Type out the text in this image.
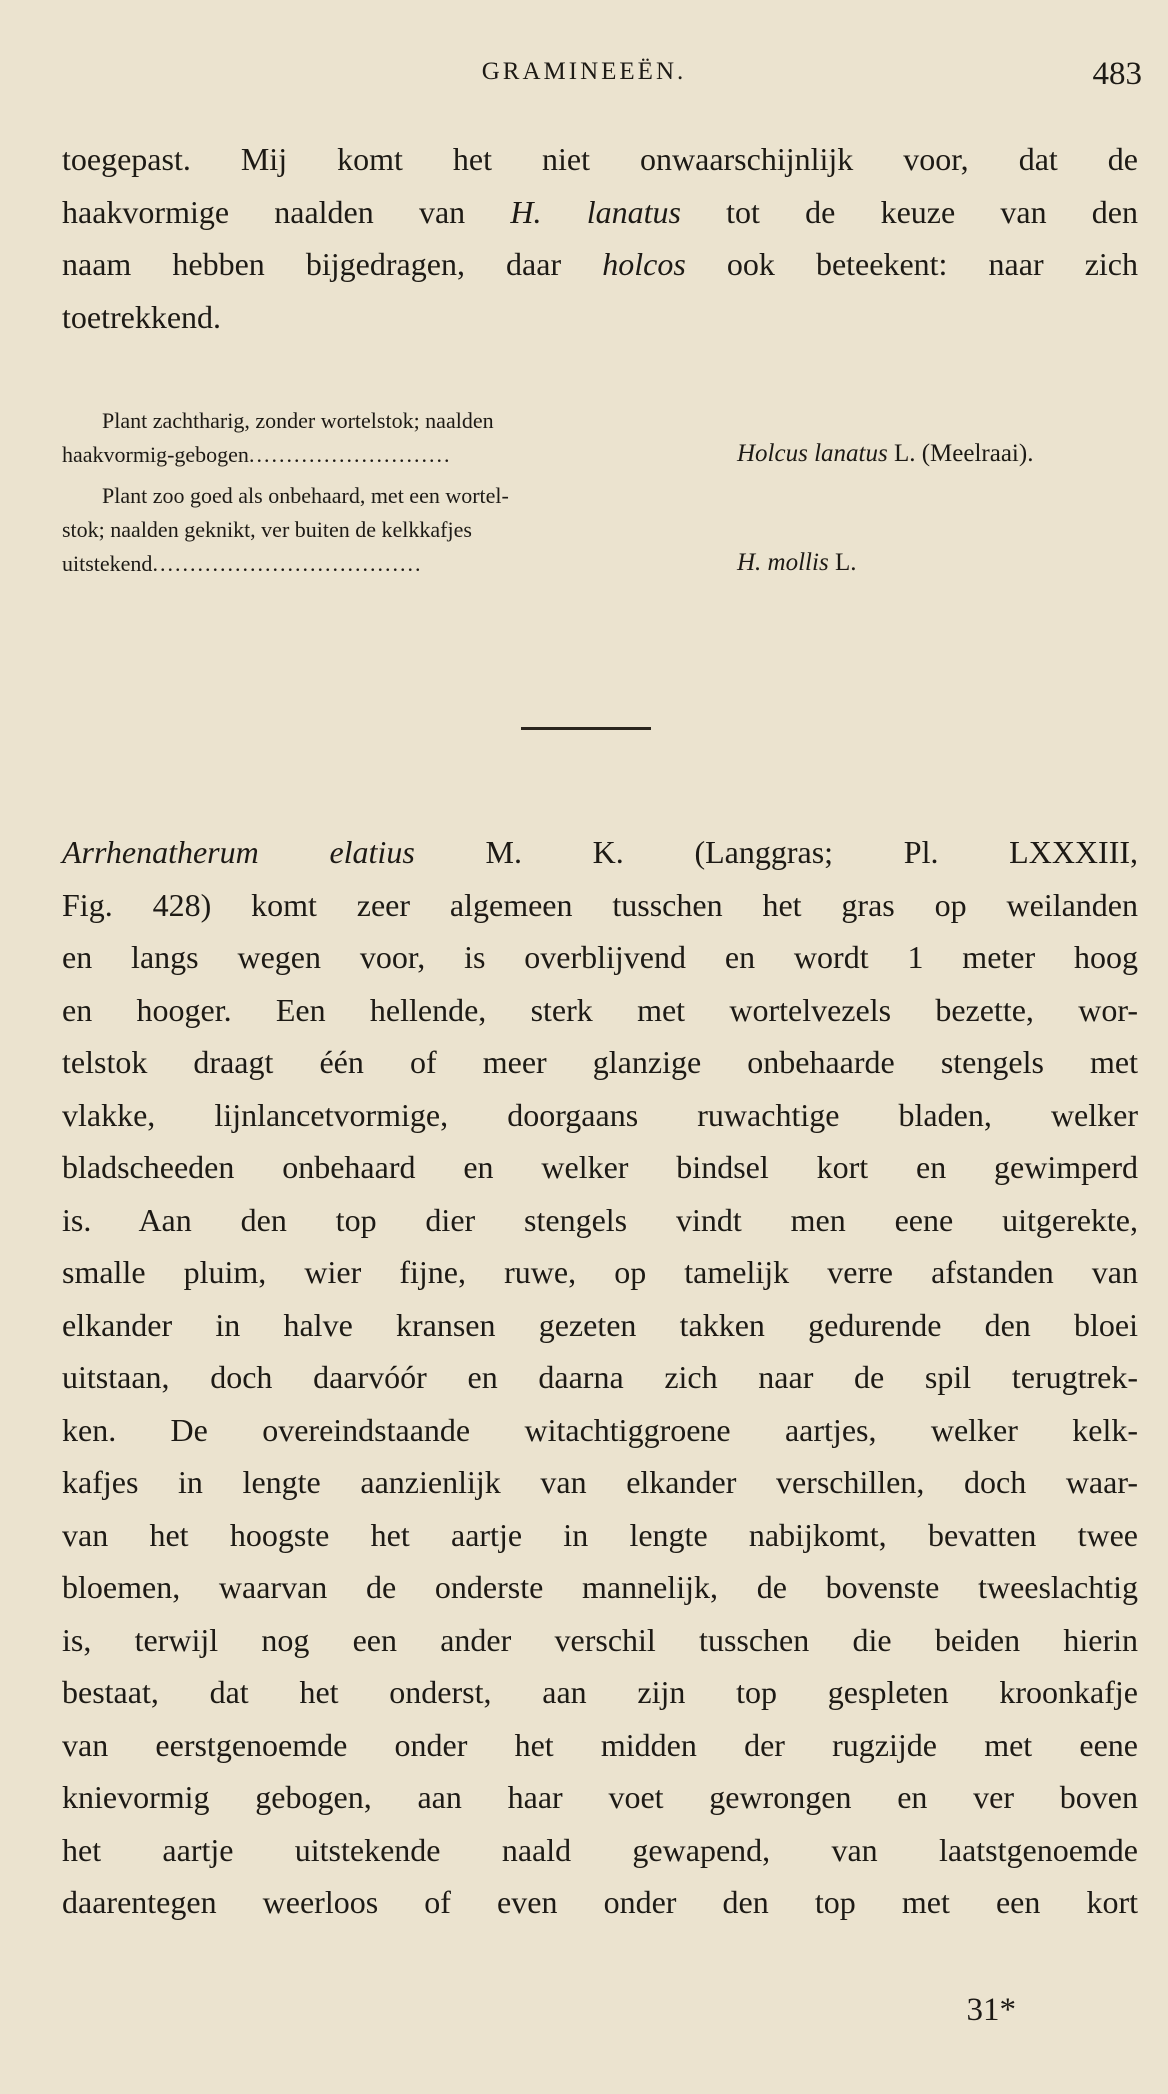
GRAMINEEËN.	483
toegepast. Mij komt het niet onwaarschijnlijk voor, dat de
haakvormige naalden van H. lanatus tot de keuze van den
naam hebben bijgedragen, daar holcos ook beteekent: naar zich
toetrekkend.
Plant zachtharig, zonder wortelstok; naalden
haakvormig-gebogen...........................	Holcus lanatus L. (Meelraai).
Plant zoo goed als onbehaard, met een wortel-
stok; naalden geknikt, ver buiten de kelkkafjes
uitstekend....................................	H. mollis L.
Arrhenatherum elatius M. K. (Langgras; Pl. LXXXIII,
Fig. 428) komt zeer algemeen tusschen het gras op weilanden
en langs wegen voor, is overblijvend en wordt 1 meter hoog
en hooger. Een hellende, sterk met wortelvezels bezette, wor-
telstok draagt één of meer glanzige onbehaarde stengels met
vlakke, lijnlancetvormige, doorgaans ruwachtige bladen, welker
bladscheeden onbehaard en welker bindsel kort en gewimperd
is. Aan den top dier stengels vindt men eene uitgerekte,
smalle pluim, wier fijne, ruwe, op tamelijk verre afstanden van
elkander in halve kransen gezeten takken gedurende den bloei
uitstaan, doch daarvóór en daarna zich naar de spil terugtrek-
ken. De overeindstaande witachtiggroene aartjes, welker kelk-
kafjes in lengte aanzienlijk van elkander verschillen, doch waar-
van het hoogste het aartje in lengte nabijkomt, bevatten twee
bloemen, waarvan de onderste mannelijk, de bovenste tweeslachtig
is, terwijl nog een ander verschil tusschen die beiden hierin
bestaat, dat het onderst, aan zijn top gespleten kroonkafje
van eerstgenoemde onder het midden der rugzijde met eene
knievormig gebogen, aan haar voet gewrongen en ver boven
het aartje uitstekende naald gewapend, van laatstgenoemde
daarentegen weerloos of even onder den top met een kort
31*
